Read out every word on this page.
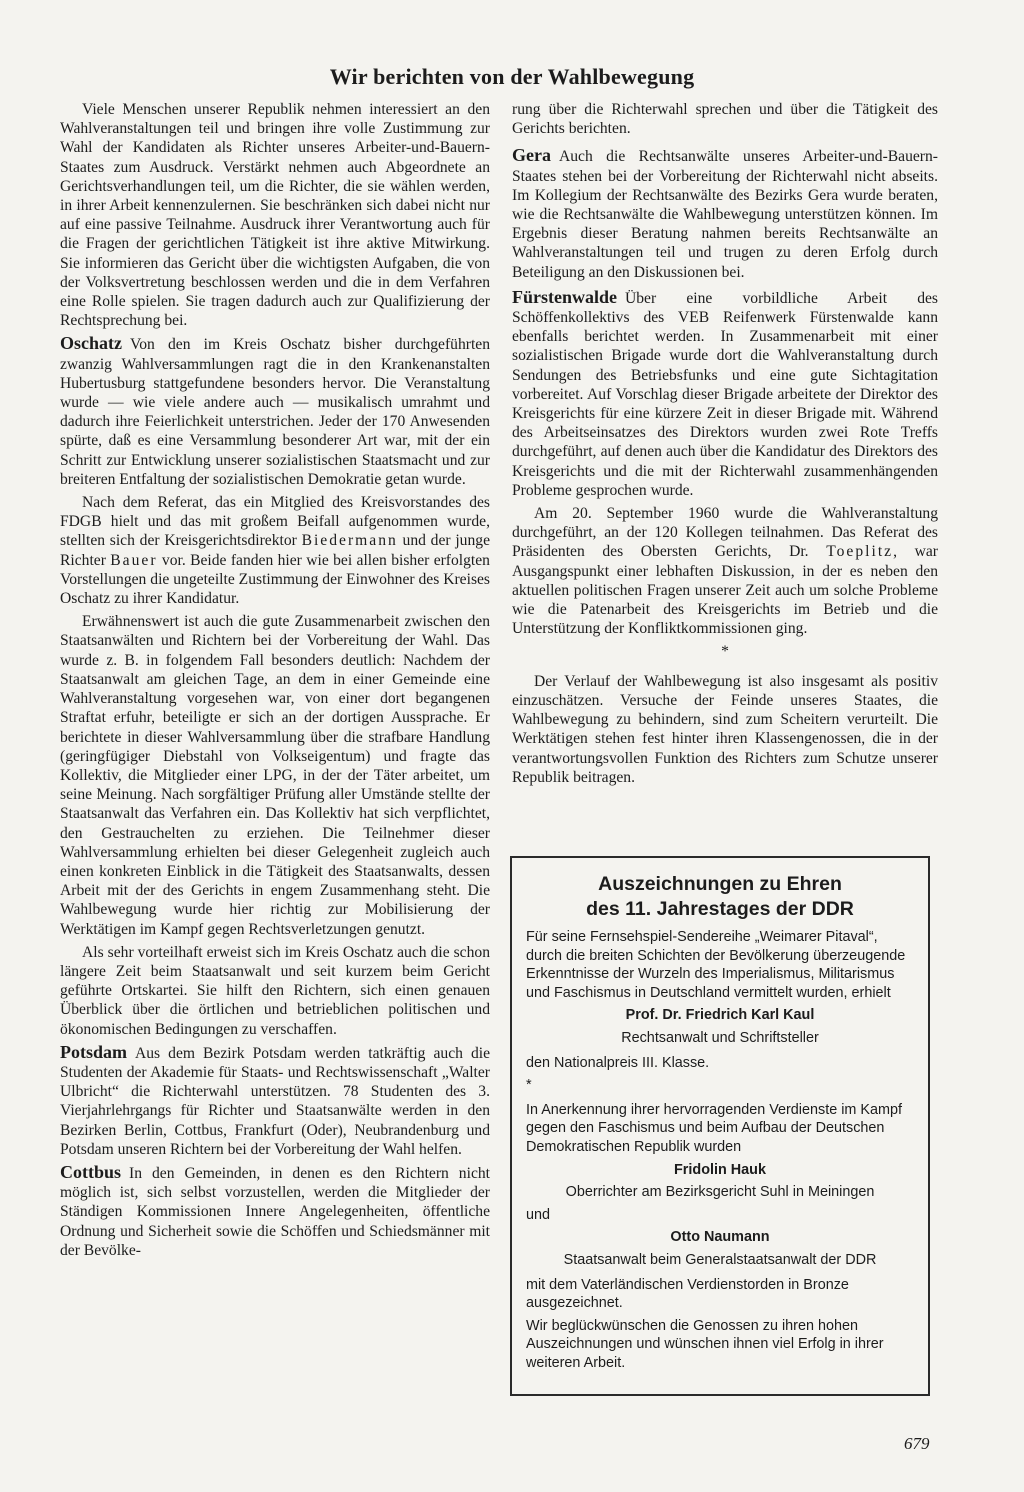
Wir berichten von der Wahlbewegung

Viele Menschen unserer Republik nehmen interessiert an den Wahlveranstaltungen teil und bringen ihre volle Zustimmung zur Wahl der Kandidaten als Richter unseres Arbeiter-und-Bauern-Staates zum Ausdruck. Verstärkt nehmen auch Abgeordnete an Gerichtsverhandlungen teil, um die Richter, die sie wählen werden, in ihrer Arbeit kennenzulernen. Sie beschränken sich dabei nicht nur auf eine passive Teilnahme. Ausdruck ihrer Verantwortung auch für die Fragen der gerichtlichen Tätigkeit ist ihre aktive Mitwirkung. Sie informieren das Gericht über die wichtigsten Aufgaben, die von der Volksvertretung beschlossen werden und die in dem Verfahren eine Rolle spielen. Sie tragen dadurch auch zur Qualifizierung der Rechtsprechung bei.

Oschatz Von den im Kreis Oschatz bisher durchgeführten zwanzig Wahlversammlungen ragt die in den Krankenanstalten Hubertusburg stattgefundene besonders hervor. Die Veranstaltung wurde — wie viele andere auch — musikalisch umrahmt und dadurch ihre Feierlichkeit unterstrichen. Jeder der 170 Anwesenden spürte, daß es eine Versammlung besonderer Art war, mit der ein Schritt zur Entwicklung unserer sozialistischen Staatsmacht und zur breiteren Entfaltung der sozialistischen Demokratie getan wurde.

Nach dem Referat, das ein Mitglied des Kreisvorstandes des FDGB hielt und das mit großem Beifall aufgenommen wurde, stellten sich der Kreisgerichtsdirektor Biedermann und der junge Richter Bauer vor. Beide fanden hier wie bei allen bisher erfolgten Vorstellungen die ungeteilte Zustimmung der Einwohner des Kreises Oschatz zu ihrer Kandidatur.

Erwähnenswert ist auch die gute Zusammenarbeit zwischen den Staatsanwälten und Richtern bei der Vorbereitung der Wahl. Das wurde z. B. in folgendem Fall besonders deutlich: Nachdem der Staatsanwalt am gleichen Tage, an dem in einer Gemeinde eine Wahlveranstaltung vorgesehen war, von einer dort begangenen Straftat erfuhr, beteiligte er sich an der dortigen Aussprache. Er berichtete in dieser Wahlversammlung über die strafbare Handlung (geringfügiger Diebstahl von Volkseigentum) und fragte das Kollektiv, die Mitglieder einer LPG, in der der Täter arbeitet, um seine Meinung. Nach sorgfältiger Prüfung aller Umstände stellte der Staatsanwalt das Verfahren ein. Das Kollektiv hat sich verpflichtet, den Gestrauchelten zu erziehen. Die Teilnehmer dieser Wahlversammlung erhielten bei dieser Gelegenheit zugleich auch einen konkreten Einblick in die Tätigkeit des Staatsanwalts, dessen Arbeit mit der des Gerichts in engem Zusammenhang steht. Die Wahlbewegung wurde hier richtig zur Mobilisierung der Werktätigen im Kampf gegen Rechtsverletzungen genutzt.

Als sehr vorteilhaft erweist sich im Kreis Oschatz auch die schon längere Zeit beim Staatsanwalt und seit kurzem beim Gericht geführte Ortskartei. Sie hilft den Richtern, sich einen genauen Überblick über die örtlichen und betrieblichen politischen und ökonomischen Bedingungen zu verschaffen.

Potsdam Aus dem Bezirk Potsdam werden tatkräftig auch die Studenten der Akademie für Staats- und Rechtswissenschaft „Walter Ulbricht“ die Richterwahl unterstützen. 78 Studenten des 3. Vierjahrlehrgangs für Richter und Staatsanwälte werden in den Bezirken Berlin, Cottbus, Frankfurt (Oder), Neubrandenburg und Potsdam unseren Richtern bei der Vorbereitung der Wahl helfen.

Cottbus In den Gemeinden, in denen es den Richtern nicht möglich ist, sich selbst vorzustellen, werden die Mitglieder der Ständigen Kommissionen Innere Angelegenheiten, öffentliche Ordnung und Sicherheit sowie die Schöffen und Schiedsmänner mit der Bevölke-

rung über die Richterwahl sprechen und über die Tätigkeit des Gerichts berichten.

Gera Auch die Rechtsanwälte unseres Arbeiter-und-Bauern-Staates stehen bei der Vorbereitung der Richterwahl nicht abseits. Im Kollegium der Rechtsanwälte des Bezirks Gera wurde beraten, wie die Rechtsanwälte die Wahlbewegung unterstützen können. Im Ergebnis dieser Beratung nahmen bereits Rechtsanwälte an Wahlveranstaltungen teil und trugen zu deren Erfolg durch Beteiligung an den Diskussionen bei.

Fürstenwalde Über eine vorbildliche Arbeit des Schöffenkollektivs des VEB Reifenwerk Fürstenwalde kann ebenfalls berichtet werden. In Zusammenarbeit mit einer sozialistischen Brigade wurde dort die Wahlveranstaltung durch Sendungen des Betriebsfunks und eine gute Sichtagitation vorbereitet. Auf Vorschlag dieser Brigade arbeitete der Direktor des Kreisgerichts für eine kürzere Zeit in dieser Brigade mit. Während des Arbeitseinsatzes des Direktors wurden zwei Rote Treffs durchgeführt, auf denen auch über die Kandidatur des Direktors des Kreisgerichts und die mit der Richterwahl zusammenhängenden Probleme gesprochen wurde.

Am 20. September 1960 wurde die Wahlveranstaltung durchgeführt, an der 120 Kollegen teilnahmen. Das Referat des Präsidenten des Obersten Gerichts, Dr. Toeplitz, war Ausgangspunkt einer lebhaften Diskussion, in der es neben den aktuellen politischen Fragen unserer Zeit auch um solche Probleme wie die Patenarbeit des Kreisgerichts im Betrieb und die Unterstützung der Konfliktkommissionen ging.

*

Der Verlauf der Wahlbewegung ist also insgesamt als positiv einzuschätzen. Versuche der Feinde unseres Staates, die Wahlbewegung zu behindern, sind zum Scheitern verurteilt. Die Werktätigen stehen fest hinter ihren Klassengenossen, die in der verantwortungsvollen Funktion des Richters zum Schutze unserer Republik beitragen.

Auszeichnungen zu Ehren
des 11. Jahrestages der DDR

Für seine Fernsehspiel-Sendereihe „Weimarer Pitaval“, durch die breiten Schichten der Bevölkerung überzeugende Erkenntnisse der Wurzeln des Imperialismus, Militarismus und Faschismus in Deutschland vermittelt wurden, erhielt

Prof. Dr. Friedrich Karl Kaul

Rechtsanwalt und Schriftsteller

den Nationalpreis III. Klasse.

*

In Anerkennung ihrer hervorragenden Verdienste im Kampf gegen den Faschismus und beim Aufbau der Deutschen Demokratischen Republik wurden

Fridolin Hauk

Oberrichter am Bezirksgericht Suhl in Meiningen

und

Otto Naumann

Staatsanwalt beim Generalstaatsanwalt der DDR

mit dem Vaterländischen Verdienstorden in Bronze ausgezeichnet.

Wir beglückwünschen die Genossen zu ihren hohen Auszeichnungen und wünschen ihnen viel Erfolg in ihrer weiteren Arbeit.

679
